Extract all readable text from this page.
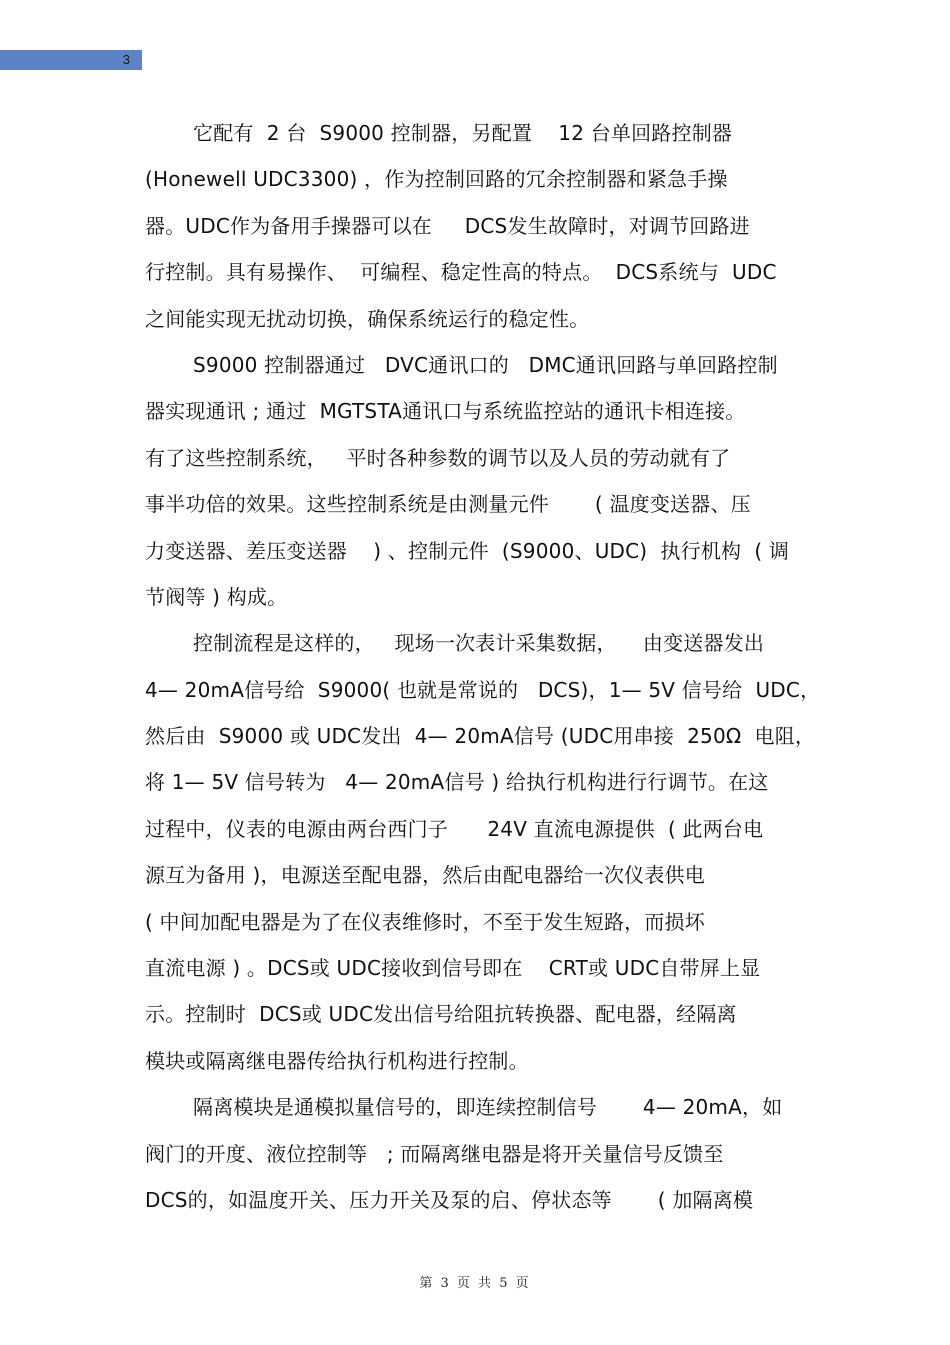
3
它配有  2 台  S9000 控制器，另配置    12 台单回路控制器
(Honewell UDC3300) ，作为控制回路的冗余控制器和紧急手操
器。UDC作为备用手操器可以在     DCS发生故障时，对调节回路进
行控制。具有易操作、  可编程、稳定性高的特点。  DCS系统与  UDC
之间能实现无扰动切换，确保系统运行的稳定性。
S9000 控制器通过   DVC通讯口的   DMC通讯回路与单回路控制
器实现通讯 ; 通过  MGTSTA通讯口与系统监控站的通讯卡相连接。
有了这些控制系统，   平时各种参数的调节以及人员的劳动就有了
事半功倍的效果。这些控制系统是由测量元件       ( 温度变送器、压
力变送器、差压变送器    ) 、控制元件  (S9000、UDC)  执行机构  ( 调
节阀等 ) 构成。
控制流程是这样的，   现场一次表计采集数据，    由变送器发出
4— 20mA信号给  S9000( 也就是常说的   DCS)，1— 5V 信号给  UDC，
然后由  S9000 或 UDC发出  4— 20mA信号 (UDC用串接  250Ω  电阻，
将 1— 5V 信号转为   4— 20mA信号 ) 给执行机构进行行调节。在这
过程中，仪表的电源由两台西门子      24V 直流电源提供  ( 此两台电
源互为备用 )，电源送至配电器，然后由配电器给一次仪表供电
( 中间加配电器是为了在仪表维修时，不至于发生短路，而损坏
直流电源 ) 。DCS或 UDC接收到信号即在    CRT或 UDC自带屏上显
示。控制时  DCS或 UDC发出信号给阻抗转换器、配电器，经隔离
模块或隔离继电器传给执行机构进行控制。
隔离模块是通模拟量信号的，即连续控制信号       4— 20mA，如
阀门的开度、液位控制等   ; 而隔离继电器是将开关量信号反馈至
DCS的，如温度开关、压力开关及泵的启、停状态等       ( 加隔离模
第 3 页 共 5 页
